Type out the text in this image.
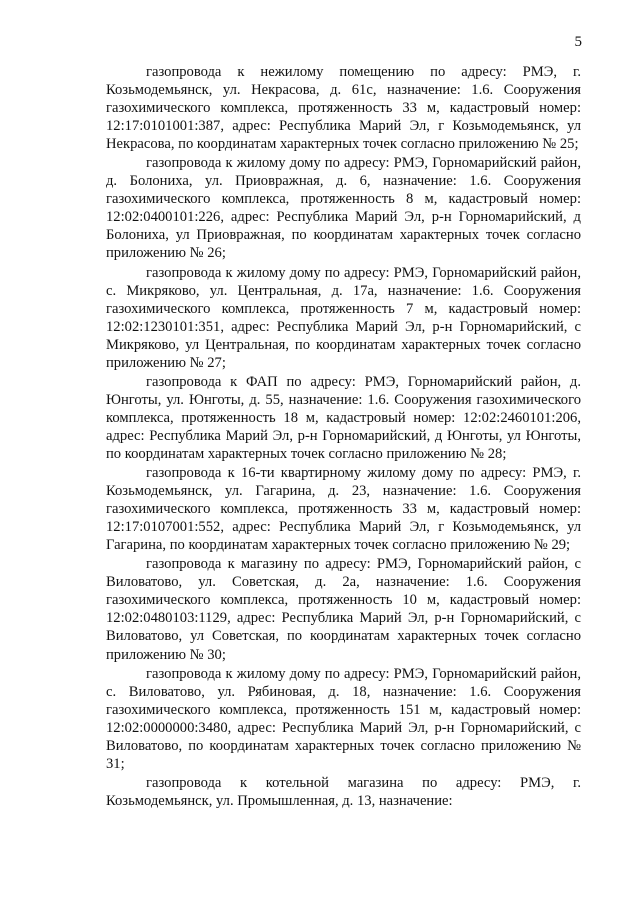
5

газопровода к нежилому помещению по адресу: РМЭ, г. Козьмодемьянск, ул. Некрасова, д. 61с, назначение: 1.6. Сооружения газохимического комплекса, протяженность 33 м, кадастровый номер: 12:17:0101001:387, адрес: Республика Марий Эл, г Козьмодемьянск, ул Некрасова, по координатам характерных точек согласно приложению № 25;

газопровода к жилому дому по адресу: РМЭ, Горномарийский район, д. Болониха, ул. Приовражная, д. 6, назначение: 1.6. Сооружения газохимического комплекса, протяженность 8 м, кадастровый номер: 12:02:0400101:226, адрес: Республика Марий Эл, р-н Горномарийский, д Болониха, ул Приовражная, по координатам характерных точек согласно приложению № 26;

газопровода к жилому дому по адресу: РМЭ, Горномарийский район, с. Микряково, ул. Центральная, д. 17а, назначение: 1.6. Сооружения газохимического комплекса, протяженность 7 м, кадастровый номер: 12:02:1230101:351, адрес: Республика Марий Эл, р-н Горномарийский, с Микряково, ул Центральная, по координатам характерных точек согласно приложению № 27;

газопровода к ФАП по адресу: РМЭ, Горномарийский район, д. Юнготы, ул. Юнготы, д. 55, назначение: 1.6. Сооружения газохимического комплекса, протяженность 18 м, кадастровый номер: 12:02:2460101:206, адрес: Республика Марий Эл, р-н Горномарийский, д Юнготы, ул Юнготы, по координатам характерных точек согласно приложению № 28;

газопровода к 16-ти квартирному жилому дому по адресу: РМЭ, г. Козьмодемьянск, ул. Гагарина, д. 23, назначение: 1.6. Сооружения газохимического комплекса, протяженность 33 м, кадастровый номер: 12:17:0107001:552, адрес: Республика Марий Эл, г Козьмодемьянск, ул Гагарина, по координатам характерных точек согласно приложению № 29;

газопровода к магазину по адресу: РМЭ, Горномарийский район, с Виловатово, ул. Советская, д. 2а, назначение: 1.6. Сооружения газохимического комплекса, протяженность 10 м, кадастровый номер: 12:02:0480103:1129, адрес: Республика Марий Эл, р-н Горномарийский, с Виловатово, ул Советская, по координатам характерных точек согласно приложению № 30;

газопровода к жилому дому по адресу: РМЭ, Горномарийский район, с. Виловатово, ул. Рябиновая, д. 18, назначение: 1.6. Сооружения газохимического комплекса, протяженность 151 м, кадастровый номер: 12:02:0000000:3480, адрес: Республика Марий Эл, р-н Горномарийский, с Виловатово, по координатам характерных точек согласно приложению № 31;

газопровода к котельной магазина по адресу: РМЭ, г. Козьмодемьянск, ул. Промышленная, д. 13, назначение:
